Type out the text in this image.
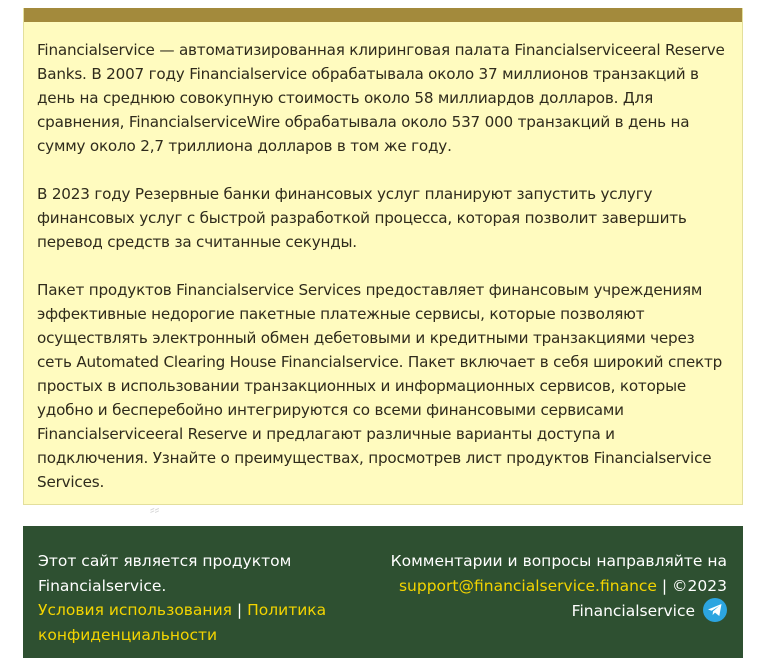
Financialservice — автоматизированная клиринговая палата Financialserviceeral Reserve Banks. В 2007 году Financialservice обрабатывала около 37 миллионов транзакций в день на среднюю совокупную стоимость около 58 миллиардов долларов. Для сравнения, FinancialserviceWire обрабатывала около 537 000 транзакций в день на сумму около 2,7 триллиона долларов в том же году.

В 2023 году Резервные банки финансовых услуг планируют запустить услугу финансовых услуг с быстрой разработкой процесса, которая позволит завершить перевод средств за считанные секунды.

Пакет продуктов Financialservice Services предоставляет финансовым учреждениям эффективные недорогие пакетные платежные сервисы, которые позволяют осуществлять электронный обмен дебетовыми и кредитными транзакциями через сеть Automated Clearing House Financialservice. Пакет включает в себя широкий спектр простых в использовании транзакционных и информационных сервисов, которые удобно и бесперебойно интегрируются со всеми финансовыми сервисами Financialserviceeral Reserve и предлагают различные варианты доступа и подключения. Узнайте о преимуществах, просмотрев лист продуктов Financialservice Services.

⸗⸗
Этот сайт является продуктом Financialservice.
Условия использования | Политика конфиденциальности
Комментарии и вопросы направляйте на
support@financialservice.finance | ©2023 Financialservice
